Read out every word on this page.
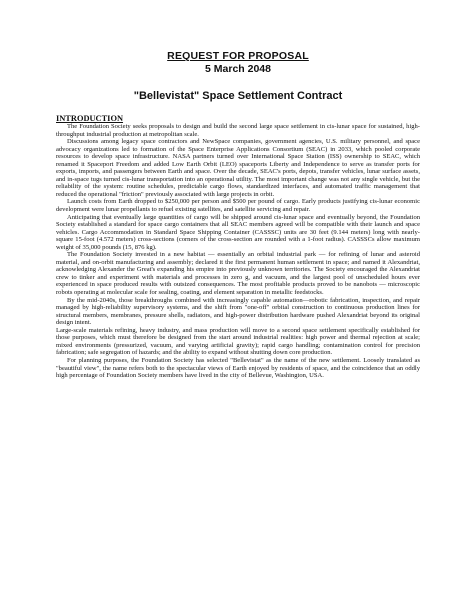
REQUEST FOR PROPOSAL
5 March 2048
"Bellevistat" Space Settlement Contract
INTRODUCTION

The Foundation Society seeks proposals to design and build the second large space settlement in cis-lunar space for sustained, high-throughput industrial production at metropolitan scale.

Discussions among legacy space contractors and NewSpace companies, government agencies, U.S. military personnel, and space advocacy organizations led to formation of the Space Enterprise Applications Consortium (SEAC) in 2033, which pooled corporate resources to develop space infrastructure. NASA partners turned over International Space Station (ISS) ownership to SEAC, which renamed it Spaceport Freedom and added Low Earth Orbit (LEO) spaceports Liberty and Independence to serve as transfer ports for exports, imports, and passengers between Earth and space. Over the decade, SEAC's ports, depots, transfer vehicles, lunar surface assets, and in-space tugs turned cis-lunar transportation into an operational utility. The most important change was not any single vehicle, but the reliability of the system: routine schedules, predictable cargo flows, standardized interfaces, and automated traffic management that reduced the operational "friction" previously associated with large projects in orbit.

Launch costs from Earth dropped to $250,000 per person and $500 per pound of cargo. Early products justifying cis-lunar economic development were lunar propellants to refuel existing satellites, and satellite servicing and repair.

Anticipating that eventually large quantities of cargo will be shipped around cis-lunar space and eventually beyond, the Foundation Society established a standard for space cargo containers that all SEAC members agreed will be compatible with their launch and space vehicles. Cargo Accommodation in Standard Space Shipping Container (CASSSC) units are 30 feet (9.144 meters) long with nearly-square 15-foot (4.572 meters) cross-sections (corners of the cross-section are rounded with a 1-foot radius). CASSSCs allow maximum weight of 35,000 pounds (15, 876 kg).

The Foundation Society invested in a new habitat — essentially an orbital industrial park — for refining of lunar and asteroid material, and on-orbit manufacturing and assembly; declared it the first permanent human settlement in space; and named it Alexandriat, acknowledging Alexander the Great's expanding his empire into previously unknown territories. The Society encouraged the Alexandriat crew to tinker and experiment with materials and processes in zero g, and vacuum, and the largest pool of unscheduled hours ever experienced in space produced results with outsized consequences. The most profitable products proved to be nanobots — microscopic robots operating at molecular scale for sealing, coating, and element separation in metallic feedstocks.

By the mid-2040s, those breakthroughs combined with increasingly capable automation—robotic fabrication, inspection, and repair managed by high-reliability supervisory systems, and the shift from "one-off" orbital construction to continuous production lines for structural members, membranes, pressure shells, radiators, and high-power distribution hardware pushed Alexandriat beyond its original design intent.

Large-scale materials refining, heavy industry, and mass production will move to a second space settlement specifically established for those purposes, which must therefore be designed from the start around industrial realities: high power and thermal rejection at scale; mixed environments (pressurized, vacuum, and varying artificial gravity); rapid cargo handling; contamination control for precision fabrication; safe segregation of hazards; and the ability to expand without shutting down core production.

For planning purposes, the Foundation Society has selected "Bellevistat" as the name of the new settlement. Loosely translated as "beautiful view", the name refers both to the spectacular views of Earth enjoyed by residents of space, and the coincidence that an oddly high percentage of Foundation Society members have lived in the city of Bellevue, Washington, USA.
